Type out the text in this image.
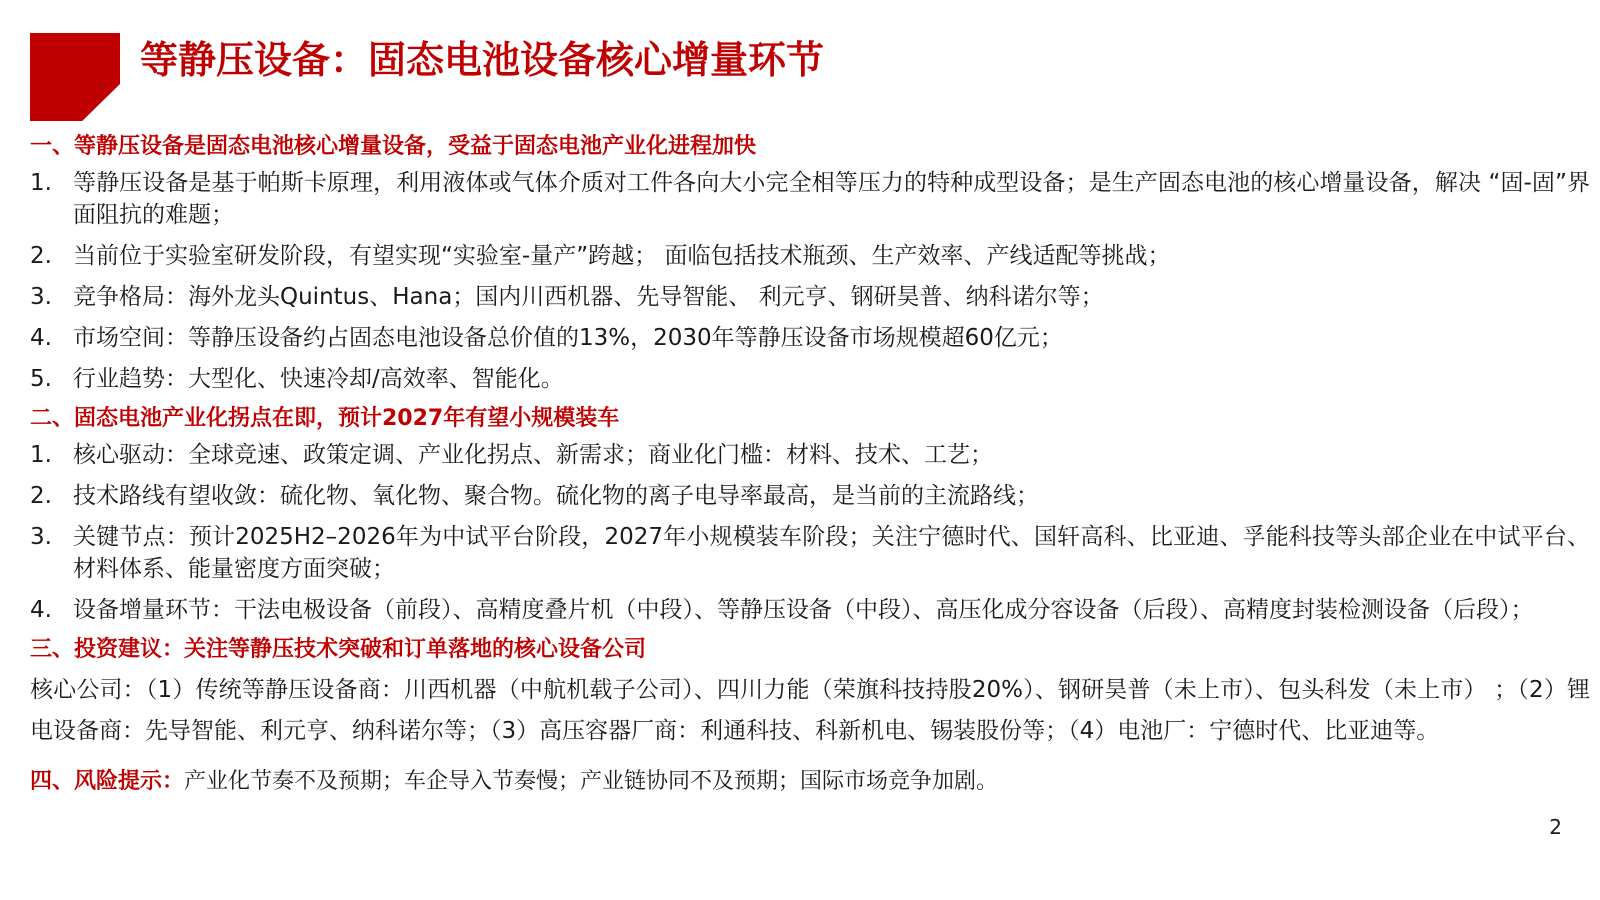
等静压设备：固态电池设备核心增量环节
一、等静压设备是固态电池核心增量设备，受益于固态电池产业化进程加快
1. 等静压设备是基于帕斯卡原理，利用液体或气体介质对工件各向大小完全相等压力的特种成型设备；是生产固态电池的核心增量设备，解决 “固-固”界面阻抗的难题；
2. 当前位于实验室研发阶段，有望实现“实验室-量产”跨越； 面临包括技术瓶颈、生产效率、产线适配等挑战；
3. 竞争格局：海外龙头Quintus、Hana；国内川西机器、先导智能、 利元亨、钢研昊普、纳科诺尔等；
4. 市场空间：等静压设备约占固态电池设备总价值的13%，2030年等静压设备市场规模超60亿元；
5. 行业趋势：大型化、快速冷却/高效率、智能化。
二、固态电池产业化拐点在即，预计2027年有望小规模装车
1. 核心驱动：全球竞速、政策定调、产业化拐点、新需求；商业化门槛：材料、技术、工艺；
2. 技术路线有望收敛：硫化物、氧化物、聚合物。硫化物的离子电导率最高，是当前的主流路线；
3. 关键节点：预计2025H2–2026年为中试平台阶段，2027年小规模装车阶段；关注宁德时代、国轩高科、比亚迪、孚能科技等头部企业在中试平台、材料体系、能量密度方面突破；
4. 设备增量环节：干法电极设备（前段）、高精度叠片机（中段）、等静压设备（中段）、高压化成分容设备（后段）、高精度封装检测设备（后段）；
三、投资建议：关注等静压技术突破和订单落地的核心设备公司

核心公司：（1）传统等静压设备商：川西机器（中航机载子公司）、四川力能（荣旗科技持股20%）、钢研昊普（未上市）、包头科发（未上市） ；（2）锂电设备商：先导智能、利元亨、纳科诺尔等；（3）高压容器厂商：利通科技、科新机电、锡装股份等；（4）电池厂：宁德时代、比亚迪等。

四、风险提示：产业化节奏不及预期；车企导入节奏慢；产业链协同不及预期；国际市场竞争加剧。
2
